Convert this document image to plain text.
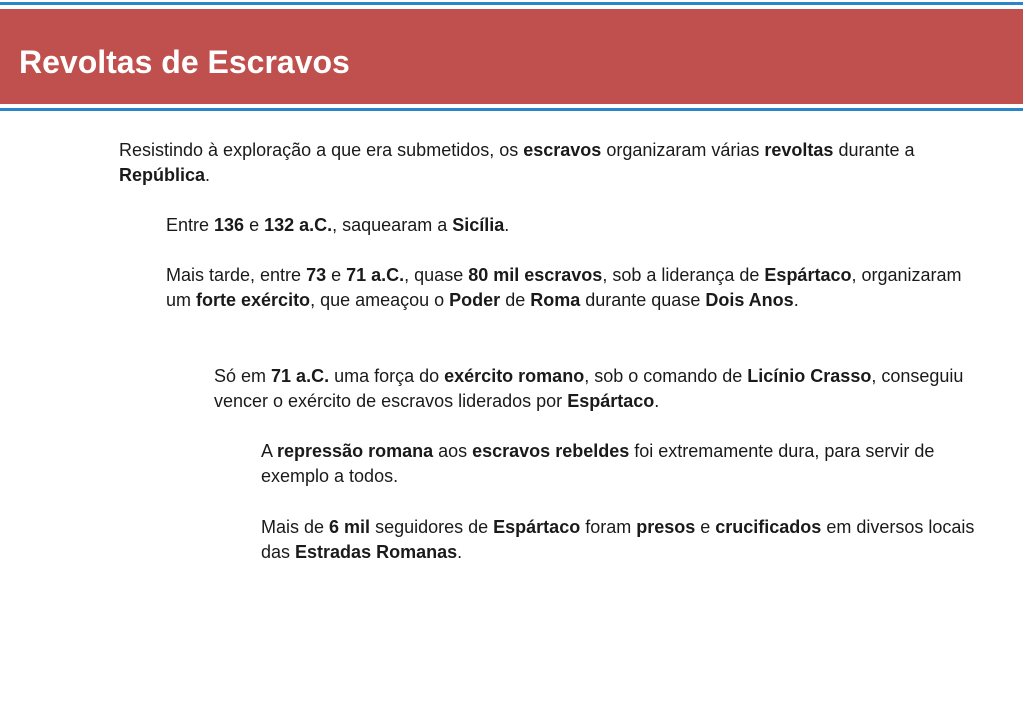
Revoltas de Escravos

Resistindo à exploração a que era submetidos, os escravos organizaram várias revoltas durante a República.

Entre 136 e 132 a.C., saquearam a Sicília.

Mais tarde, entre 73 e 71 a.C., quase 80 mil escravos, sob a liderança de Espártaco, organizaram um forte exército, que ameaçou o Poder de Roma durante quase Dois Anos.

Só em 71 a.C. uma força do exército romano, sob o comando de Licínio Crasso, conseguiu vencer o exército de escravos liderados por Espártaco.

A repressão romana aos escravos rebeldes foi extremamente dura, para servir de exemplo a todos.

Mais de 6 mil seguidores de Espártaco foram presos e crucificados em diversos locais das Estradas Romanas.
